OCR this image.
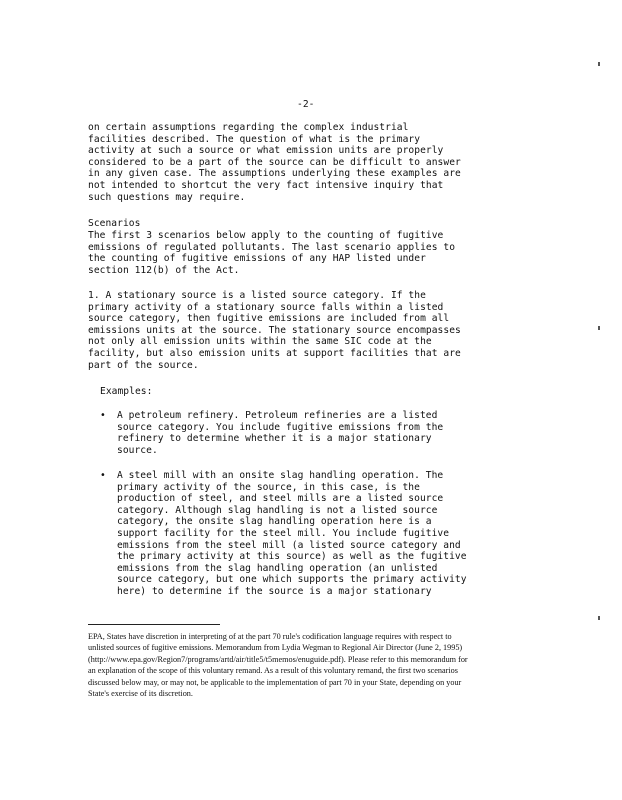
-2-
on certain assumptions regarding the complex industrial
facilities described. The question of what is the primary
activity at such a source or what emission units are properly
considered to be a part of the source can be difficult to answer
in any given case. The assumptions underlying these examples are
not intended to shortcut the very fact intensive inquiry that
such questions may require.
Scenarios
The first 3 scenarios below apply to the counting of fugitive
emissions of regulated pollutants. The last scenario applies to
the counting of fugitive emissions of any HAP listed under
section 112(b) of the Act.
1. A stationary source is a listed source category. If the
primary activity of a stationary source falls within a listed
source category, then fugitive emissions are included from all
emissions units at the source. The stationary source encompasses
not only all emission units within the same SIC code at the
facility, but also emission units at support facilities that are
part of the source.
Examples:
• A petroleum refinery. Petroleum refineries are a listed
source category. You include fugitive emissions from the
refinery to determine whether it is a major stationary
source.
• A steel mill with an onsite slag handling operation. The
primary activity of the source, in this case, is the
production of steel, and steel mills are a listed source
category. Although slag handling is not a listed source
category, the onsite slag handling operation here is a
support facility for the steel mill. You include fugitive
emissions from the steel mill (a listed source category and
the primary activity at this source) as well as the fugitive
emissions from the slag handling operation (an unlisted
source category, but one which supports the primary activity
here) to determine if the source is a major stationary
EPA, States have discretion in interpreting of at the part 70 rule's codification language requires with respect to
unlisted sources of fugitive emissions. Memorandum from Lydia Wegman to Regional Air Director (June 2, 1995)
(http://www.epa.gov/Region7/programs/artd/air/title5/t5memos/enuguide.pdf). Please refer to this memorandum for
an explanation of the scope of this voluntary remand. As a result of this voluntary remand, the first two scenarios
discussed below may, or may not, be applicable to the implementation of part 70 in your State, depending on your
State's exercise of its discretion.
